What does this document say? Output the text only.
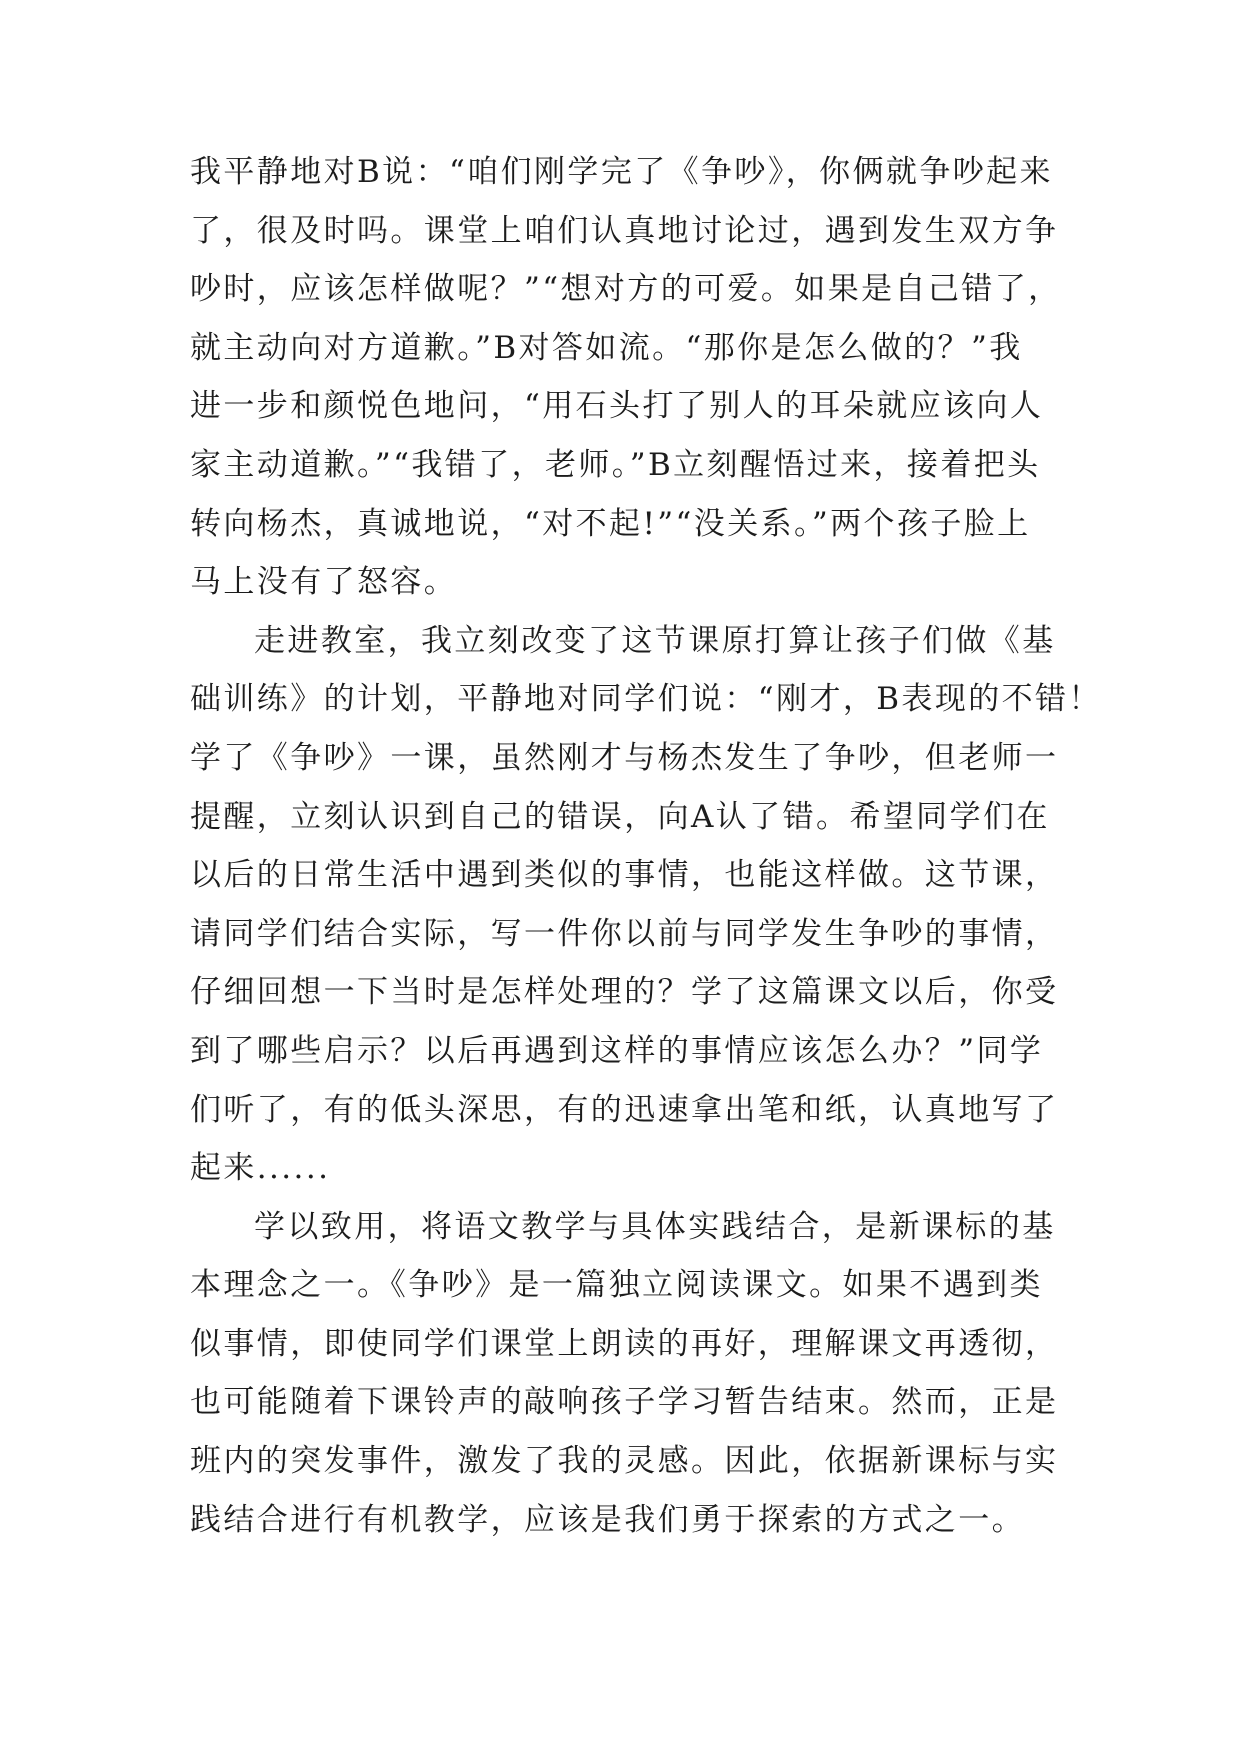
我平静地对B说：“咱们刚学完了《争吵》，你俩就争吵起来
了，很及时吗。课堂上咱们认真地讨论过，遇到发生双方争
吵时，应该怎样做呢？”“想对方的可爱。如果是自己错了，
就主动向对方道歉。”B对答如流。“那你是怎么做的？”我
进一步和颜悦色地问，“用石头打了别人的耳朵就应该向人
家主动道歉。”“我错了，老师。”B立刻醒悟过来，接着把头
转向杨杰，真诚地说，“对不起!”“没关系。”两个孩子脸上
马上没有了怒容。
走进教室，我立刻改变了这节课原打算让孩子们做《基
础训练》的计划，平静地对同学们说：“刚才，B表现的不错！
学了《争吵》一课，虽然刚才与杨杰发生了争吵，但老师一
提醒，立刻认识到自己的错误，向A认了错。希望同学们在
以后的日常生活中遇到类似的事情，也能这样做。这节课，
请同学们结合实际，写一件你以前与同学发生争吵的事情，
仔细回想一下当时是怎样处理的？学了这篇课文以后，你受
到了哪些启示？以后再遇到这样的事情应该怎么办？”同学
们听了，有的低头深思，有的迅速拿出笔和纸，认真地写了
起来......
学以致用，将语文教学与具体实践结合，是新课标的基
本理念之一。《争吵》是一篇独立阅读课文。如果不遇到类
似事情，即使同学们课堂上朗读的再好，理解课文再透彻，
也可能随着下课铃声的敲响孩子学习暂告结束。然而，正是
班内的突发事件，激发了我的灵感。因此，依据新课标与实
践结合进行有机教学，应该是我们勇于探索的方式之一。
